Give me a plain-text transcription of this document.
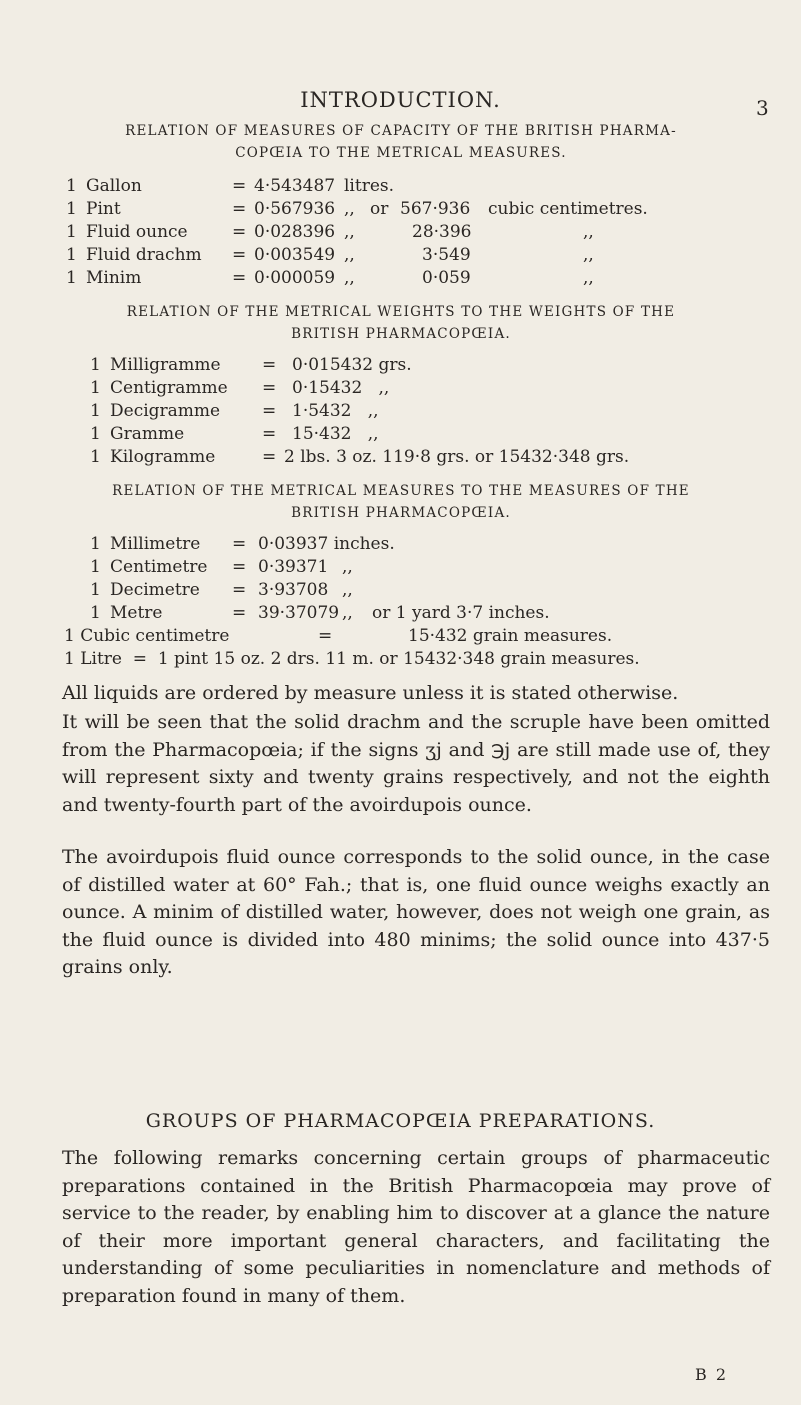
INTRODUCTION.	3
RELATION OF MEASURES OF CAPACITY OF THE BRITISH PHARMA-
COPŒIA TO THE METRICAL MEASURES.
1 Gallon	= 4·543487 litres.
1 Pint	= 0·567936 ,, or 567·936 cubic centimetres.
1 Fluid ounce	= 0·028396 ,,	28·396	,,
1 Fluid drachm = 0·003549 ,,	3·549	,,
1 Minim	= 0·000059 ,,	0·059	,,
RELATION OF THE METRICAL WEIGHTS TO THE WEIGHTS OF THE
BRITISH PHARMACOPŒIA.
1 Milligramme = 0·015432 grs.
1 Centigramme = 0·15432   ,,
1 Decigramme = 1·5432   ,,
1 Gramme	= 15·432   ,,
1 Kilogramme	= 2 lbs. 3 oz. 119·8 grs. or 15432·348 grs.
RELATION OF THE METRICAL MEASURES TO THE MEASURES OF THE
BRITISH PHARMACOPŒIA.
1 Millimetre = 0·03937 inches.
1 Centimetre = 0·39371 ,,
1 Decimetre = 3·93708 ,,
1 Metre	= 39·37079 ,, or 1 yard 3·7 inches.
1 Cubic centimetre	=	15·432 grain measures.
1 Litre  =  1 pint 15 oz. 2 drs. 11 m. or 15432·348 grain measures.
All liquids are ordered by measure unless it is stated otherwise.
It will be seen that the solid drachm and the scruple have been omitted from the Pharmacopœia; if the signs ʒj and ℈j are still made use of, they will represent sixty and twenty grains respectively, and not the eighth and twenty-fourth part of the avoirdupois ounce.
The avoirdupois fluid ounce corresponds to the solid ounce, in the case of distilled water at 60° Fah.; that is, one fluid ounce weighs exactly an ounce. A minim of distilled water, however, does not weigh one grain, as the fluid ounce is divided into 480 minims; the solid ounce into 437·5 grains only.
GROUPS OF PHARMACOPŒIA PREPARATIONS.
The following remarks concerning certain groups of pharmaceutic preparations contained in the British Pharmacopœia may prove of service to the reader, by enabling him to discover at a glance the nature of their more important general characters, and facilitating the understanding of some peculiarities in nomenclature and methods of preparation found in many of them.
B 2
